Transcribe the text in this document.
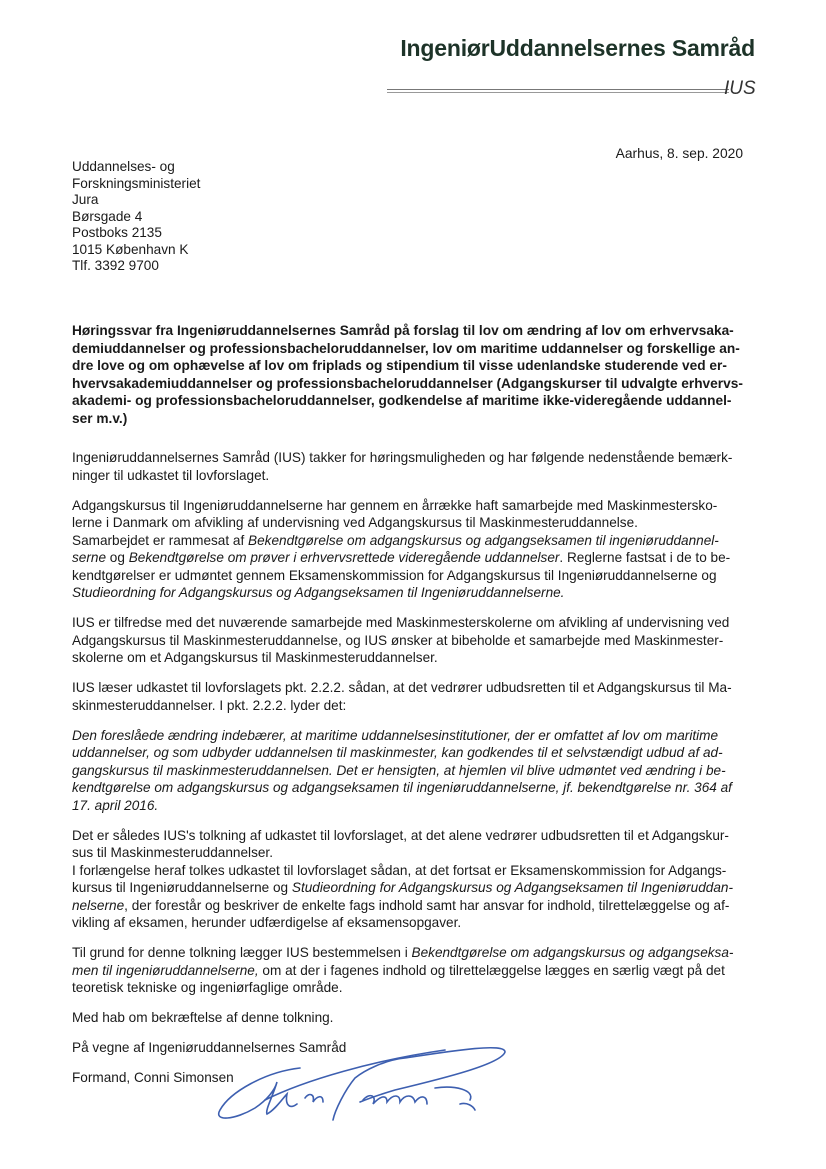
IngeniørUddannelsernes Samråd
IUS
Aarhus, 8. sep. 2020
Uddannelses- og
Forskningsministeriet
Jura
Børsgade 4
Postboks 2135
1015 København K
Tlf. 3392 9700
Høringssvar fra Ingeniøruddannelsernes Samråd på forslag til lov om ændring af lov om erhvervsaka-
demiuddannelser og professionsbacheloruddannelser, lov om maritime uddannelser og forskellige an-
dre love og om ophævelse af lov om friplads og stipendium til visse udenlandske studerende ved er-
hvervsakademiuddannelser og professionsbacheloruddannelser (Adgangskurser til udvalgte erhvervs-
akademi- og professionsbacheloruddannelser, godkendelse af maritime ikke-videregående uddannel-
ser m.v.)
Ingeniøruddannelsernes Samråd (IUS) takker for høringsmuligheden og har følgende nedenstående bemærk-
ninger til udkastet til lovforslaget.
Adgangskursus til Ingeniøruddannelserne har gennem en årrække haft samarbejde med Maskinmestersko-
lerne i Danmark om afvikling af undervisning ved Adgangskursus til Maskinmesteruddannelse.
Samarbejdet er rammesat af Bekendtgørelse om adgangskursus og adgangseksamen til ingeniøruddannel-
serne og Bekendtgørelse om prøver i erhvervsrettede videregående uddannelser. Reglerne fastsat i de to be-
kendtgørelser er udmøntet gennem Eksamenskommission for Adgangskursus til Ingeniøruddannelserne og
Studieordning for Adgangskursus og Adgangseksamen til Ingeniøruddannelserne.
IUS er tilfredse med det nuværende samarbejde med Maskinmesterskolerne om afvikling af undervisning ved
Adgangskursus til Maskinmesteruddannelse, og IUS ønsker at bibeholde et samarbejde med Maskinmester-
skolerne om et Adgangskursus til Maskinmesteruddannelser.
IUS læser udkastet til lovforslagets pkt. 2.2.2. sådan, at det vedrører udbudsretten til et Adgangskursus til Ma-
skinmesteruddannelser. I pkt. 2.2.2. lyder det:
Den foreslåede ændring indebærer, at maritime uddannelsesinstitutioner, der er omfattet af lov om maritime
uddannelser, og som udbyder uddannelsen til maskinmester, kan godkendes til et selvstændigt udbud af ad-
gangskursus til maskinmesteruddannelsen. Det er hensigten, at hjemlen vil blive udmøntet ved ændring i be-
kendtgørelse om adgangskursus og adgangseksamen til ingeniøruddannelserne, jf. bekendtgørelse nr. 364 af
17. april 2016.
Det er således IUS's tolkning af udkastet til lovforslaget, at det alene vedrører udbudsretten til et Adgangskur-
sus til Maskinmesteruddannelser.
I forlængelse heraf tolkes udkastet til lovforslaget sådan, at det fortsat er Eksamenskommission for Adgangs-
kursus til Ingeniøruddannelserne og Studieordning for Adgangskursus og Adgangseksamen til Ingeniøruddan-
nelserne, der forestår og beskriver de enkelte fags indhold samt har ansvar for indhold, tilrettelæggelse og af-
vikling af eksamen, herunder udfærdigelse af eksamensopgaver.
Til grund for denne tolkning lægger IUS bestemmelsen i Bekendtgørelse om adgangskursus og adgangseksa-
men til ingeniøruddannelserne, om at der i fagenes indhold og tilrettelæggelse lægges en særlig vægt på det
teoretisk tekniske og ingeniørfaglige område.
Med hab om bekræftelse af denne tolkning.
På vegne af Ingeniøruddannelsernes Samråd
Formand, Conni Simonsen
